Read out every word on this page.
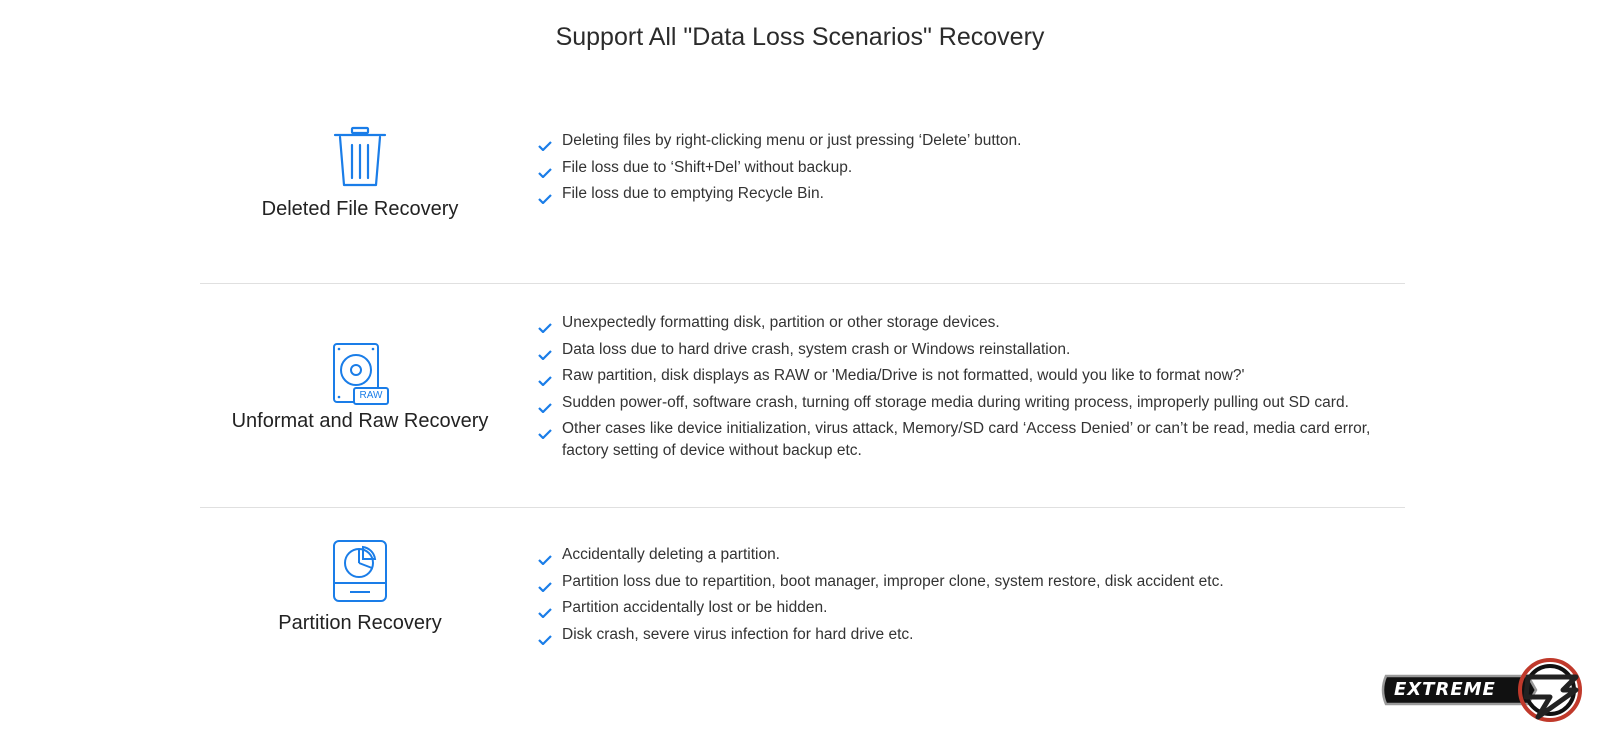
Support All "Data Loss Scenarios" Recovery
Deleted File Recovery
Deleting files by right-clicking menu or just pressing ‘Delete’ button.
File loss due to ‘Shift+Del’ without backup.
File loss due to emptying Recycle Bin.
RAW
Unformat and Raw Recovery
Unexpectedly formatting disk, partition or other storage devices.
Data loss due to hard drive crash, system crash or Windows reinstallation.
Raw partition, disk displays as RAW or 'Media/Drive is not formatted, would you like to format now?'
Sudden power-off, software crash, turning off storage media during writing process, improperly pulling out SD card.
Other cases like device initialization, virus attack, Memory/SD card ‘Access Denied’ or can’t be read, media card error, factory setting of device without backup etc.
Partition Recovery
Accidentally deleting a partition.
Partition loss due to repartition, boot manager, improper clone, system restore, disk accident etc.
Partition accidentally lost or be hidden.
Disk crash, severe virus infection for hard drive etc.
EXTREME
